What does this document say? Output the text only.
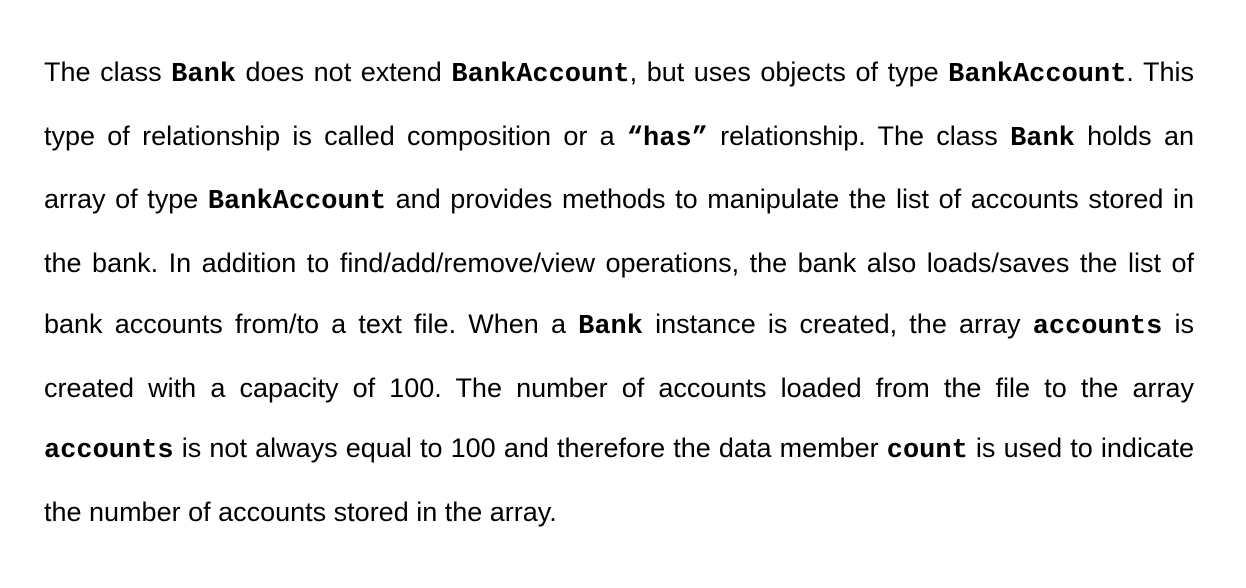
The class Bank does not extend BankAccount, but uses objects of type BankAccount. This type of relationship is called composition or a “has” relationship. The class Bank holds an array of type BankAccount and provides methods to manipulate the list of accounts stored in the bank. In addition to find/add/remove/view operations, the bank also loads/saves the list of bank accounts from/to a text file. When a Bank instance is created, the array accounts is created with a capacity of 100. The number of accounts loaded from the file to the array accounts is not always equal to 100 and therefore the data member count is used to indicate the number of accounts stored in the array.
